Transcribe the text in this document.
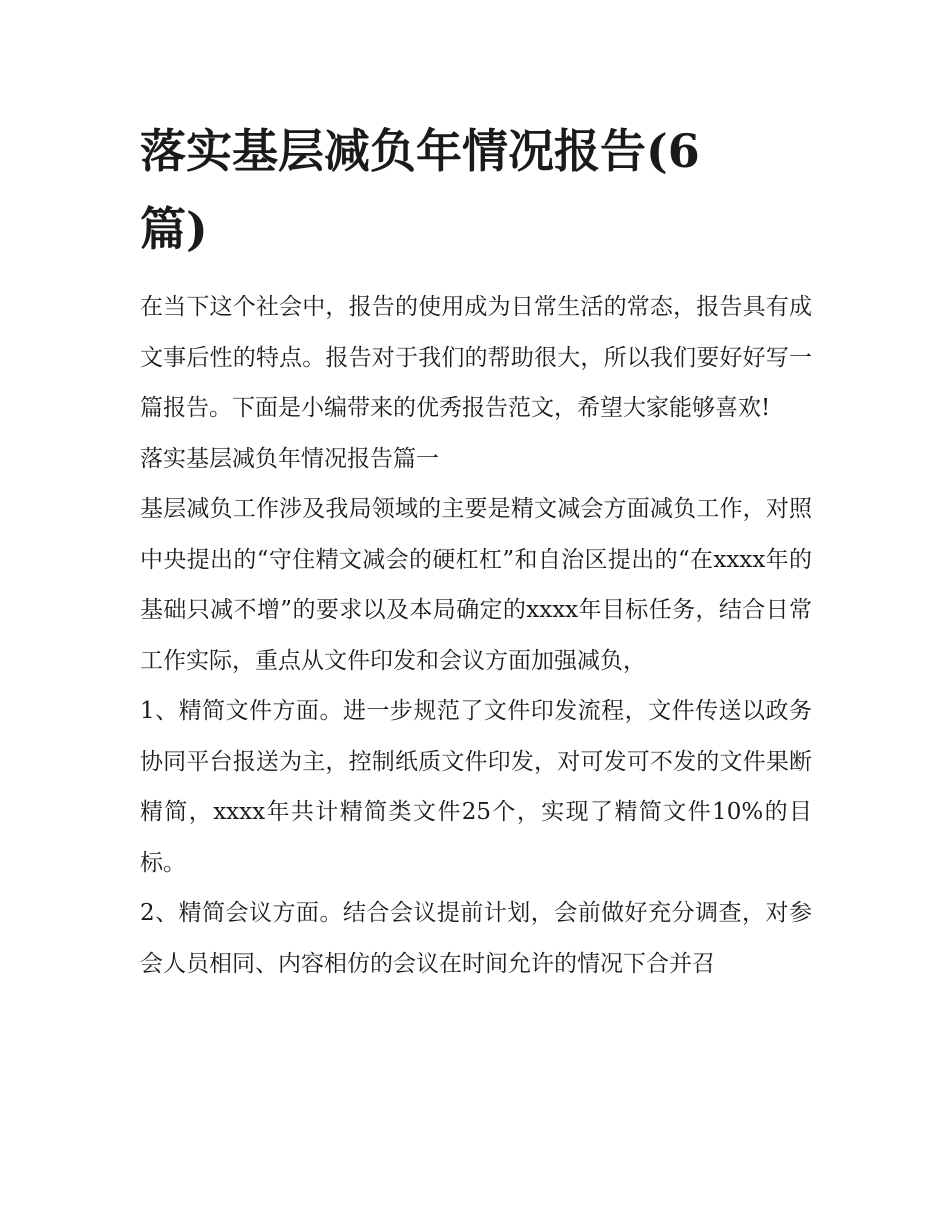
落实基层减负年情况报告(6篇)

在当下这个社会中，报告的使用成为日常生活的常态，报告具有成文事后性的特点。报告对于我们的帮助很大，所以我们要好好写一篇报告。下面是小编带来的优秀报告范文，希望大家能够喜欢!

落实基层减负年情况报告篇一

基层减负工作涉及我局领域的主要是精文减会方面减负工作，对照中央提出的“守住精文减会的硬杠杠”和自治区提出的“在xxxx年的基础只减不增”的要求以及本局确定的xxxx年目标任务，结合日常工作实际，重点从文件印发和会议方面加强减负，

1、精简文件方面。进一步规范了文件印发流程，文件传送以政务协同平台报送为主，控制纸质文件印发，对可发可不发的文件果断精简，xxxx年共计精简类文件25个，实现了精简文件10%的目标。

2、精简会议方面。结合会议提前计划，会前做好充分调查，对参会人员相同、内容相仿的会议在时间允许的情况下合并召
